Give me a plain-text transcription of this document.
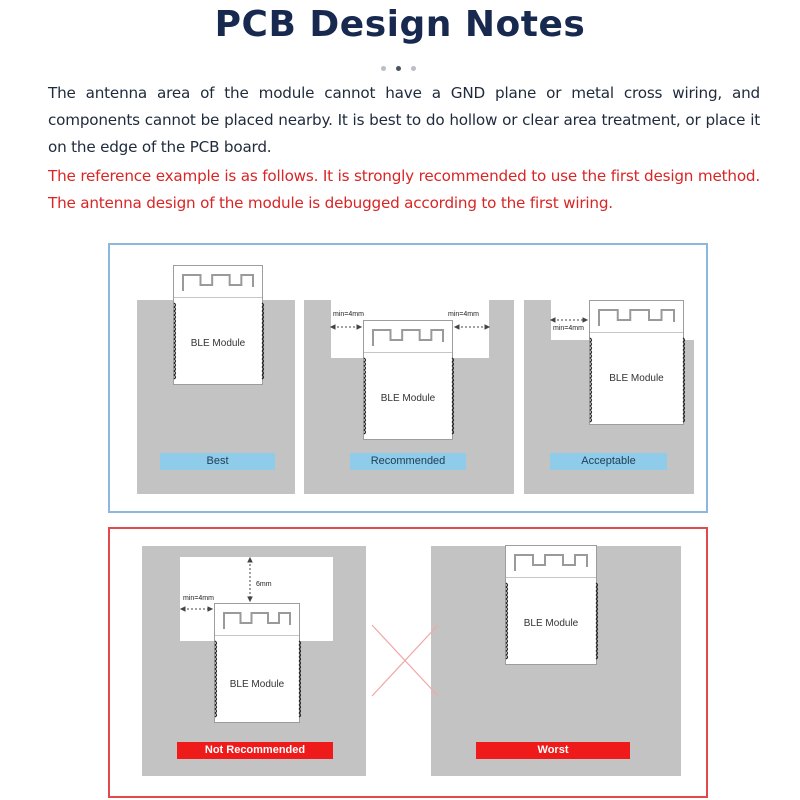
PCB Design Notes
The antenna area of the module cannot have a GND plane or metal cross wiring, and components cannot be placed nearby. It is best to do hollow or clear area treatment, or place it on the edge of the PCB board.
The reference example is as follows. It is strongly recommended to use the first design method. The antenna design of the module is debugged according to the first wiring.
BLE Module
Best
BLE Module
min=4mm	min=4mm
Recommended
BLE Module
min=4mm
Acceptable
BLE Module
6mm
min=4mm
Not Recommended
BLE Module
Worst
